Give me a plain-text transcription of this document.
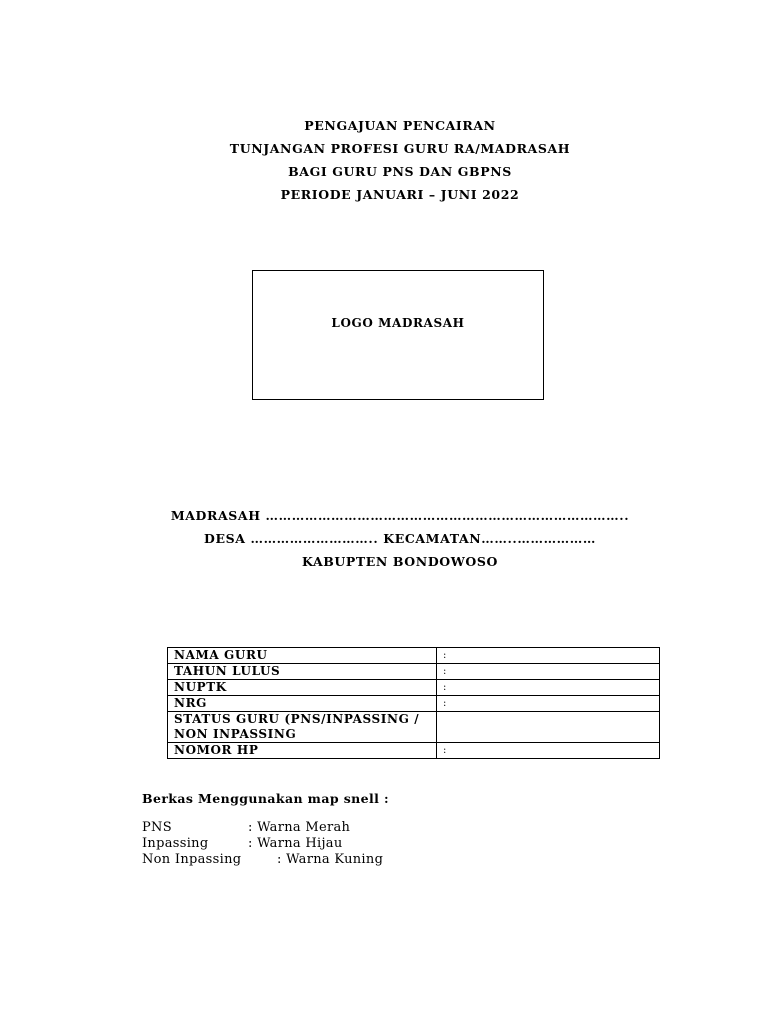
PENGAJUAN PENCAIRAN
TUNJANGAN PROFESI GURU RA/MADRASAH
BAGI GURU PNS DAN GBPNS
PERIODE JANUARI – JUNI 2022
LOGO MADRASAH
MADRASAH ………………………………………………………………………..
DESA ……………………….. KECAMATAN……..………………
KABUPTEN BONDOWOSO
NAMA GURU	:
TAHUN LULUS	:
NUPTK	:
NRG	:
STATUS GURU (PNS/INPASSING / NON INPASSING	
NOMOR HP	:
Berkas Menggunakan map snell :
PNS	: Warna Merah
Inpassing	: Warna Hijau
Non Inpassing	: Warna Kuning
